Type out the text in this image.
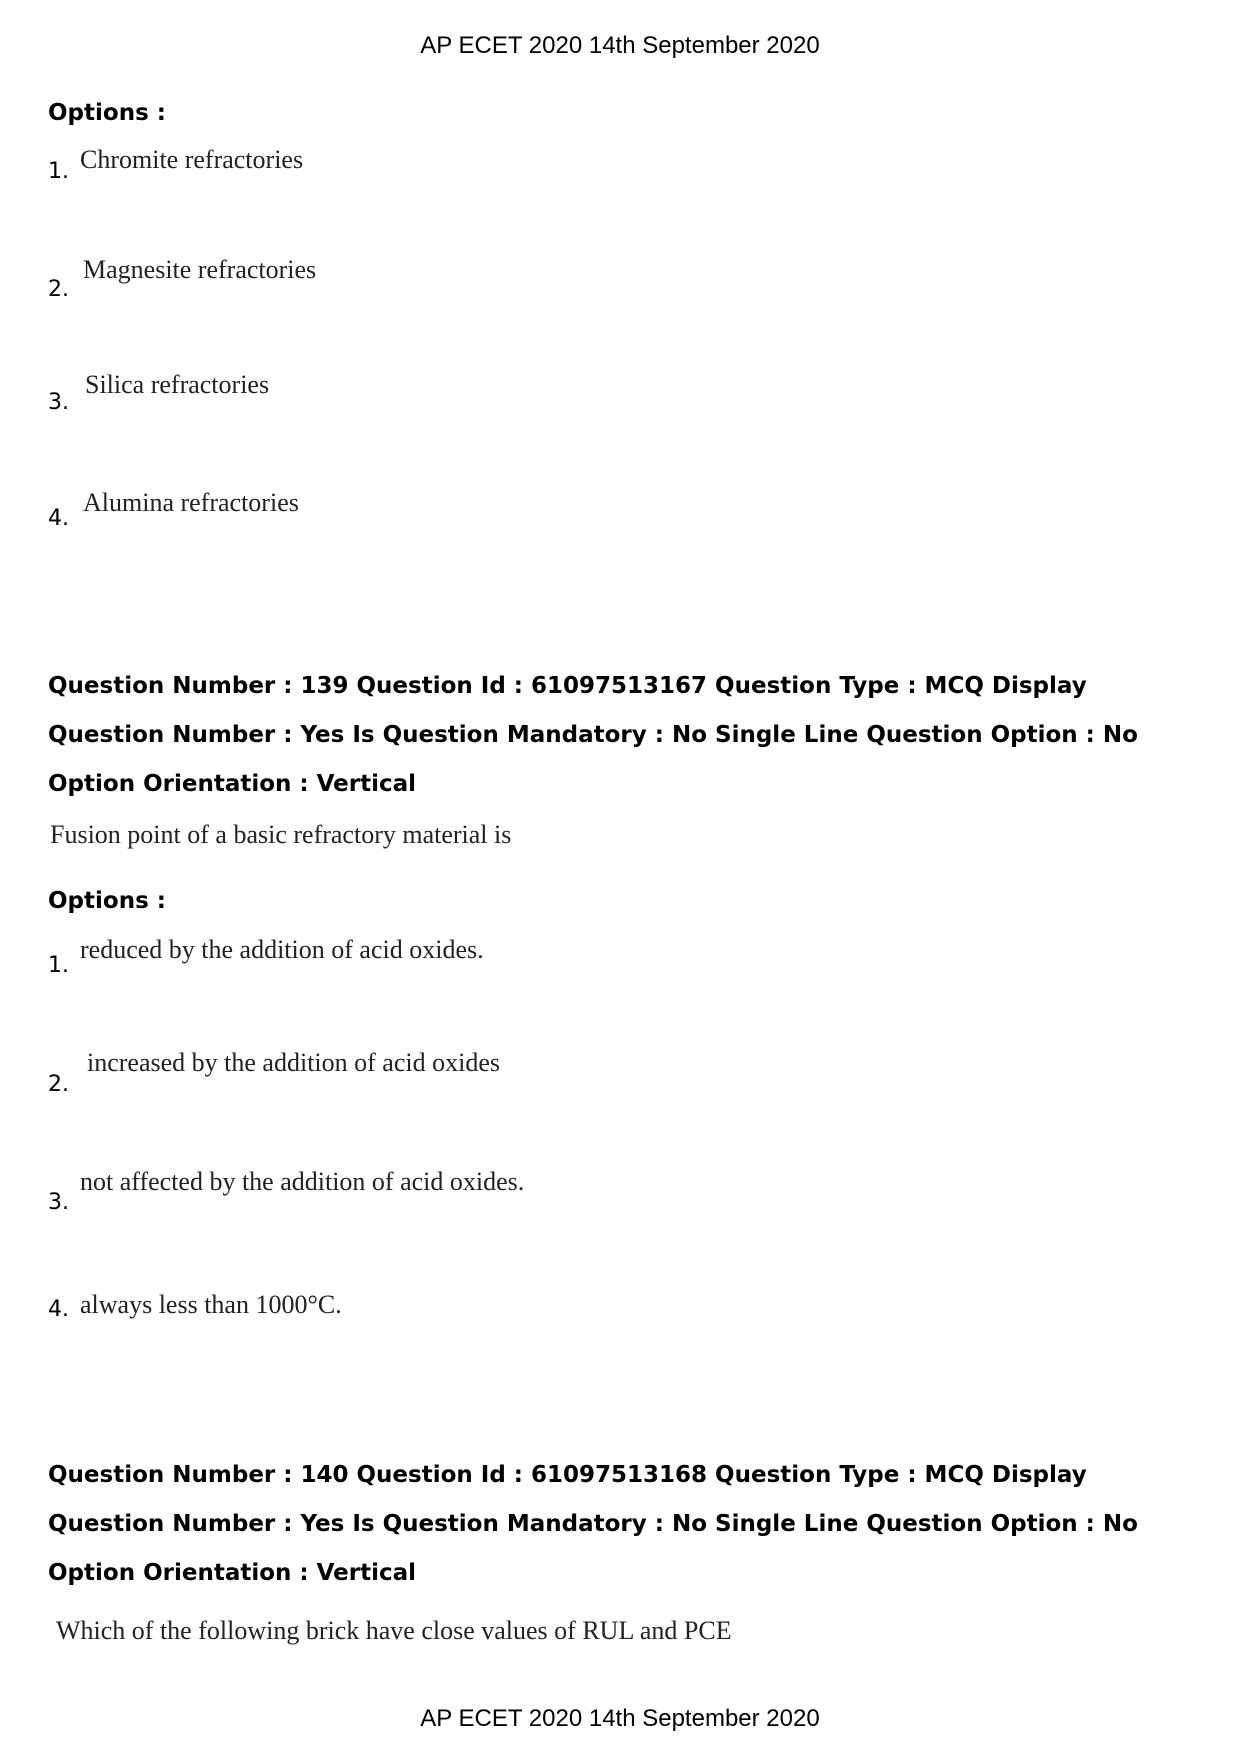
AP ECET 2020 14th September 2020
Options :
1. Chromite refractories
2.
Magnesite refractories
3.
Silica refractories
4.
Alumina refractories
Question Number : 139 Question Id : 61097513167 Question Type : MCQ Display Question Number : Yes Is Question Mandatory : No Single Line Question Option : No Option Orientation : Vertical
Fusion point of a basic refractory material is
Options :
1.
reduced by the addition of acid oxides.
2.
increased by the addition of acid oxides
3.
not affected by the addition of acid oxides.
4. always less than 1000°C.
Question Number : 140 Question Id : 61097513168 Question Type : MCQ Display Question Number : Yes Is Question Mandatory : No Single Line Question Option : No Option Orientation : Vertical
Which of the following brick have close values of RUL and PCE
AP ECET 2020 14th September 2020
